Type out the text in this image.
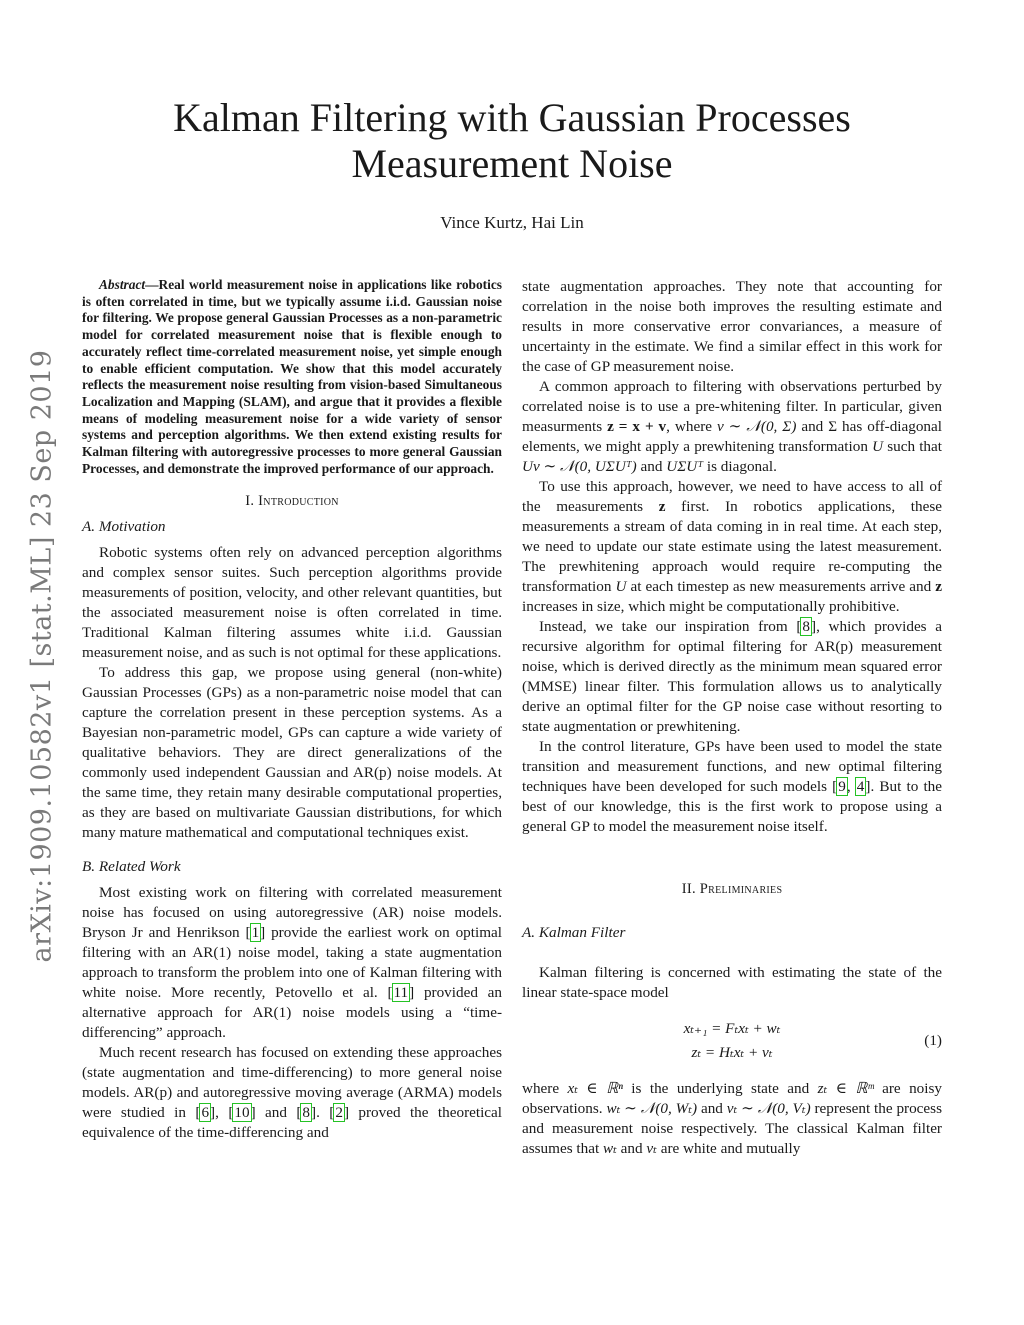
Kalman Filtering with Gaussian Processes
Measurement Noise
Vince Kurtz, Hai Lin
arXiv:1909.10582v1 [stat.ML] 23 Sep 2019

Abstract—Real world measurement noise in applications like robotics is often correlated in time, but we typically assume i.i.d. Gaussian noise for filtering. We propose general Gaussian Processes as a non-parametric model for correlated measurement noise that is flexible enough to accurately reflect time-correlated measurement noise, yet simple enough to enable efficient computation. We show that this model accurately reflects the measurement noise resulting from vision-based Simultaneous Localization and Mapping (SLAM), and argue that it provides a flexible means of modeling measurement noise for a wide variety of sensor systems and perception algorithms. We then extend existing results for Kalman filtering with autoregressive processes to more general Gaussian Processes, and demonstrate the improved performance of our approach.

I. Introduction
A. Motivation

Robotic systems often rely on advanced perception algorithms and complex sensor suites. Such perception algorithms provide measurements of position, velocity, and other relevant quantities, but the associated measurement noise is often correlated in time. Traditional Kalman filtering assumes white i.i.d. Gaussian measurement noise, and as such is not optimal for these applications.

To address this gap, we propose using general (non-white) Gaussian Processes (GPs) as a non-parametric noise model that can capture the correlation present in these perception systems. As a Bayesian non-parametric model, GPs can capture a wide variety of qualitative behaviors. They are direct generalizations of the commonly used independent Gaussian and AR(p) noise models. At the same time, they retain many desirable computational properties, as they are based on multivariate Gaussian distributions, for which many mature mathematical and computational techniques exist.

B. Related Work

Most existing work on filtering with correlated measurement noise has focused on using autoregressive (AR) noise models. Bryson Jr and Henrikson [1] provide the earliest work on optimal filtering with an AR(1) noise model, taking a state augmentation approach to transform the problem into one of Kalman filtering with white noise. More recently, Petovello et al. [11] provided an alternative approach for AR(1) noise models using a “time-differencing” approach.

Much recent research has focused on extending these approaches (state augmentation and time-differencing) to more general noise models. AR(p) and autoregressive moving average (ARMA) models were studied in [6], [10] and [8]. [2] proved the theoretical equivalence of the time-differencing and

state augmentation approaches. They note that accounting for correlation in the noise both improves the resulting estimate and results in more conservative error convariances, a measure of uncertainty in the estimate. We find a similar effect in this work for the case of GP measurement noise.

A common approach to filtering with observations perturbed by correlated noise is to use a pre-whitening filter. In particular, given measurments z = x + v, where v ∼ 𝒩(0, Σ) and Σ has off-diagonal elements, we might apply a prewhitening transformation U such that Uv ∼ 𝒩(0, UΣUᵀ) and UΣUᵀ is diagonal.

To use this approach, however, we need to have access to all of the measurements z first. In robotics applications, these measurements a stream of data coming in in real time. At each step, we need to update our state estimate using the latest measurement. The prewhitening approach would require re-computing the transformation U at each timestep as new measurements arrive and z increases in size, which might be computationally prohibitive.

Instead, we take our inspiration from [8], which provides a recursive algorithm for optimal filtering for AR(p) measurement noise, which is derived directly as the minimum mean squared error (MMSE) linear filter. This formulation allows us to analytically derive an optimal filter for the GP noise case without resorting to state augmentation or prewhitening.

In the control literature, GPs have been used to model the state transition and measurement functions, and new optimal filtering techniques have been developed for such models [9, 4]. But to the best of our knowledge, this is the first work to propose using a general GP to model the measurement noise itself.

II. Preliminaries
A. Kalman Filter

Kalman filtering is concerned with estimating the state of the linear state-space model

xₜ₊₁ = Fₜxₜ + wₜ
zₜ = Hₜxₜ + vₜ
(1)

where xₜ ∈ ℝⁿ is the underlying state and zₜ ∈ ℝᵐ are noisy observations. wₜ ∼ 𝒩(0, Wₜ) and vₜ ∼ 𝒩(0, Vₜ) represent the process and measurement noise respectively. The classical Kalman filter assumes that wₜ and vₜ are white and mutually
